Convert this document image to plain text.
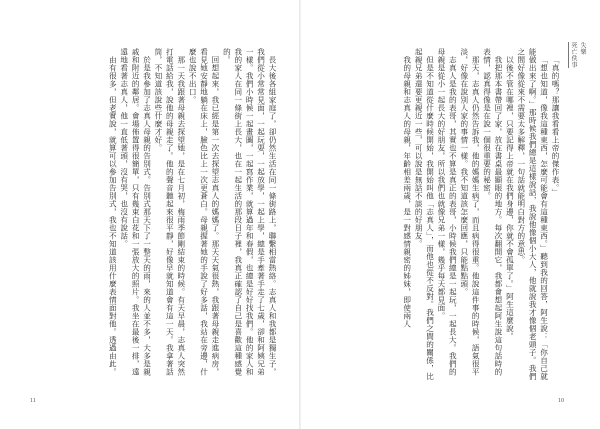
長大後各組家庭了，卻仍然生活在同一條街路上，聯繫相當熱絡。志真人和我都是獨生子，我們從小常常見面，一起玩耍，一起放學，一起上學，總是手牽著手走了七歲，卻和阿姨兄弟一樣。我們小時候一起畫圖，一起寫作業，就算過年和春假，也總是好好找我們。他的家人和我的家人在同一條街上長大，也在一起生活的那段日子裡，我真正確認了自己是喜歡這種感覺的。

回想起來，我已經是第一次去探望志真人的媽媽了。那天天氣很熱，我跟著母親走進病房，看見她安靜地躺在床上，臉色比上一次更蒼白。母親握著她的手說了好多話，我站在旁邊，什麼也說不出口。

那一天我跟著母親去探望她，是在七月初，梅雨季節剛結束的時候。有天早晨，志真人突然打電話給我，說他的母親走了。他的聲音聽起來很平靜，好像早就知道會有這一天。我拿著話筒，不知道該說些什麼才好。

於是我參加了志真人母親的告別式。告別式那天下了一整天的雨，來的人並不多，大多是親戚和附近的鄰居。會場佈置得很簡單，只有幾束白花和一張放大的照片。我坐在最後一排，遠遠地看著志真人，他一直低著頭，沒有哭，也沒有說話。

由有很多，但老實說，就算可以參加告別式，我也不知道該用什麼表情面對他。透過由此。

11

「真的嗎？那讓我看看上帝的傑作表。」

「想也知道，像我這種東西，怎麼可能會有這種東西。」聽到我的回答，阿生說：「你自己就能做出來了啊。」那時候我們總是這樣說話，我說他像個小大人，他就說我才像個老頭子。我們之間好像從來不需要太多解釋，一句話就能明白對方的意思。

以後不管在哪裡，只要記得上帝就在我們身邊，你就不會孤單了。」阿生這麼說。

我把那本書帶回了家，放在書桌最顯眼的地方。每次翻開它，我都會想起阿生說這句話時的表情，認真得像是在說一個很重要的秘密。

那天，志真人仍然告訴我，他的媽媽生病了，而且病得很重。他說這件事的時候，語氣很平淡，好像在說別人家的事情一樣。我不知道該怎麼回應，只能點點頭。

志真人是我的表哥，其實也不算是真正的表哥，小時候我們總是一起玩，一起長大。我們的母親是從小一起長大的好朋友，所以我們也就像兄弟一樣，幾乎每天都見面。

但是不知道從什麼時候開始，我開始叫他「志真人」，而他也從不反對。我們之間的關係，比起親兄弟還要更親近一些，可以說是無話不談的好朋友。

我的母親和志真人的母親，年齡相差兩歲，是一對感情親密的姊妹，即使兩人

失樂
死亡佚事
10
